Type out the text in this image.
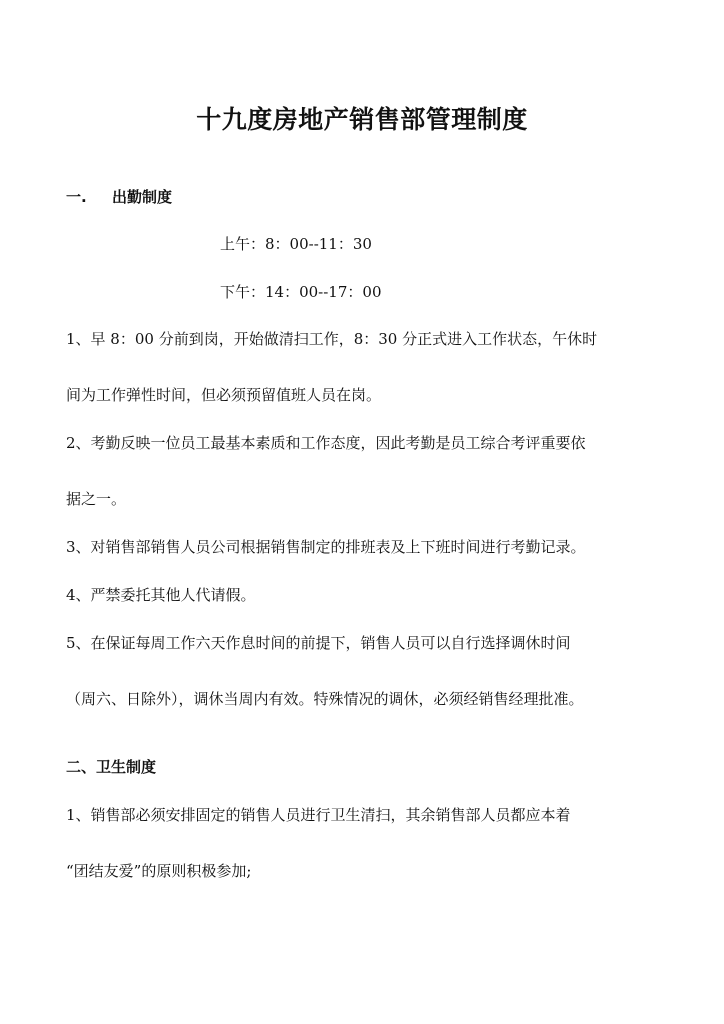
十九度房地产销售部管理制度
一. 出勤制度
上午：8：00--11：30
下午：14：00--17：00
1、早 8：00 分前到岗，开始做清扫工作，8：30 分正式进入工作状态，午休时
间为工作弹性时间，但必须预留值班人员在岗。
2、考勤反映一位员工最基本素质和工作态度，因此考勤是员工综合考评重要依
据之一。
3、对销售部销售人员公司根据销售制定的排班表及上下班时间进行考勤记录。
4、严禁委托其他人代请假。
5、在保证每周工作六天作息时间的前提下，销售人员可以自行选择调休时间
（周六、日除外），调休当周内有效。特殊情况的调休，必须经销售经理批准。
二、卫生制度
1、销售部必须安排固定的销售人员进行卫生清扫，其余销售部人员都应本着
“团结友爱”的原则积极参加;
